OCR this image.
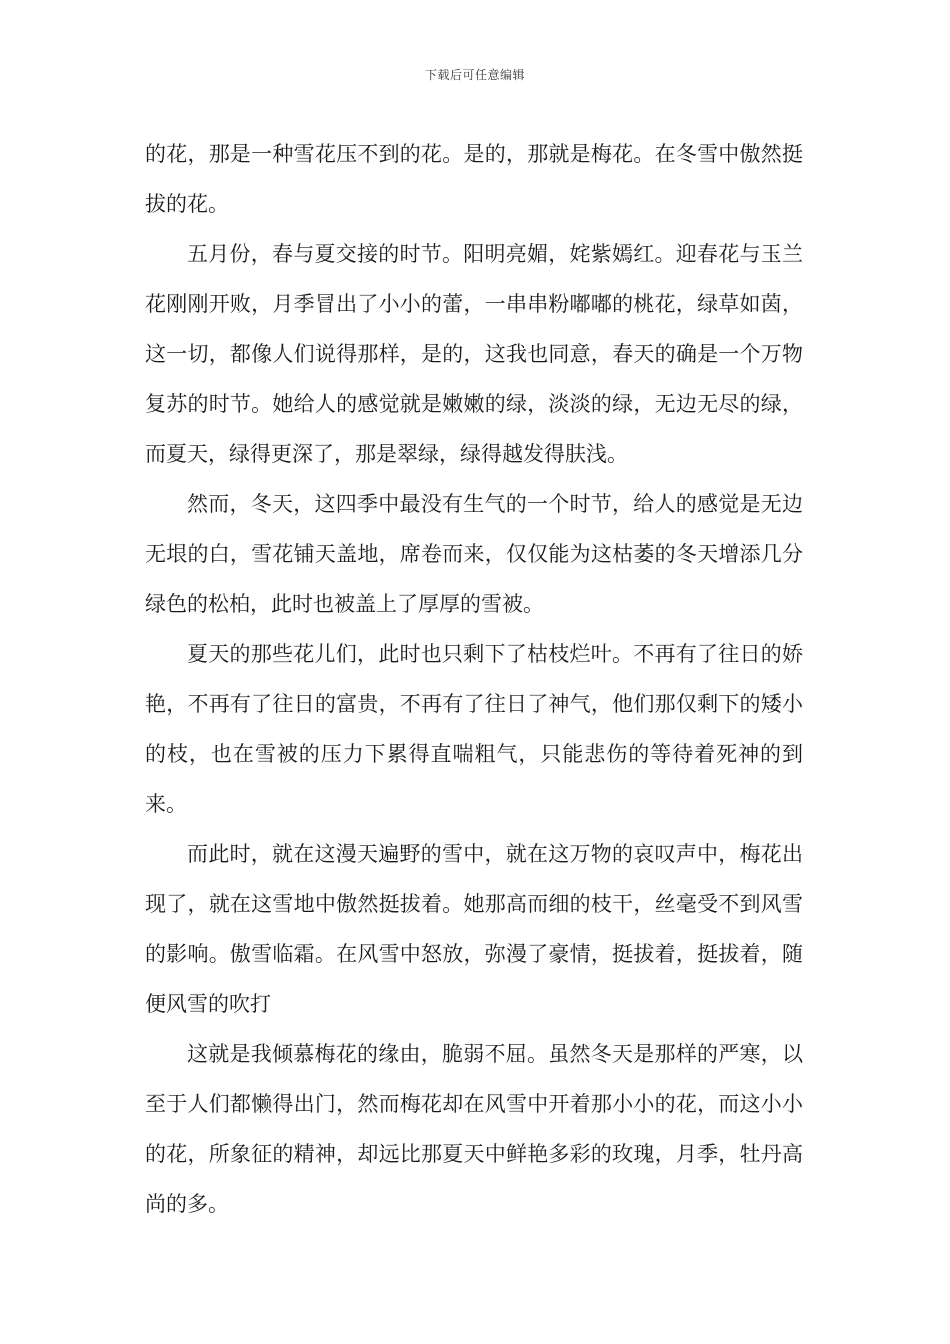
下载后可任意编辑

的花，那是一种雪花压不到的花。是的，那就是梅花。在冬雪中傲然挺拔的花。

五月份，春与夏交接的时节。阳明亮媚，姹紫嫣红。迎春花与玉兰花刚刚开败，月季冒出了小小的蕾，一串串粉嘟嘟的桃花，绿草如茵，这一切，都像人们说得那样，是的，这我也同意，春天的确是一个万物复苏的时节。她给人的感觉就是嫩嫩的绿，淡淡的绿，无边无尽的绿，而夏天，绿得更深了，那是翠绿，绿得越发得肤浅。

然而，冬天，这四季中最没有生气的一个时节，给人的感觉是无边无垠的白，雪花铺天盖地，席卷而来，仅仅能为这枯萎的冬天增添几分绿色的松柏，此时也被盖上了厚厚的雪被。

夏天的那些花儿们，此时也只剩下了枯枝烂叶。不再有了往日的娇艳，不再有了往日的富贵，不再有了往日了神气，他们那仅剩下的矮小的枝，也在雪被的压力下累得直喘粗气，只能悲伤的等待着死神的到来。

而此时，就在这漫天遍野的雪中，就在这万物的哀叹声中，梅花出现了，就在这雪地中傲然挺拔着。她那高而细的枝干，丝毫受不到风雪的影响。傲雪临霜。在风雪中怒放，弥漫了豪情，挺拔着，挺拔着，随便风雪的吹打

这就是我倾慕梅花的缘由，脆弱不屈。虽然冬天是那样的严寒，以至于人们都懒得出门，然而梅花却在风雪中开着那小小的花，而这小小的花，所象征的精神，却远比那夏天中鲜艳多彩的玫瑰，月季，牡丹高尚的多。
